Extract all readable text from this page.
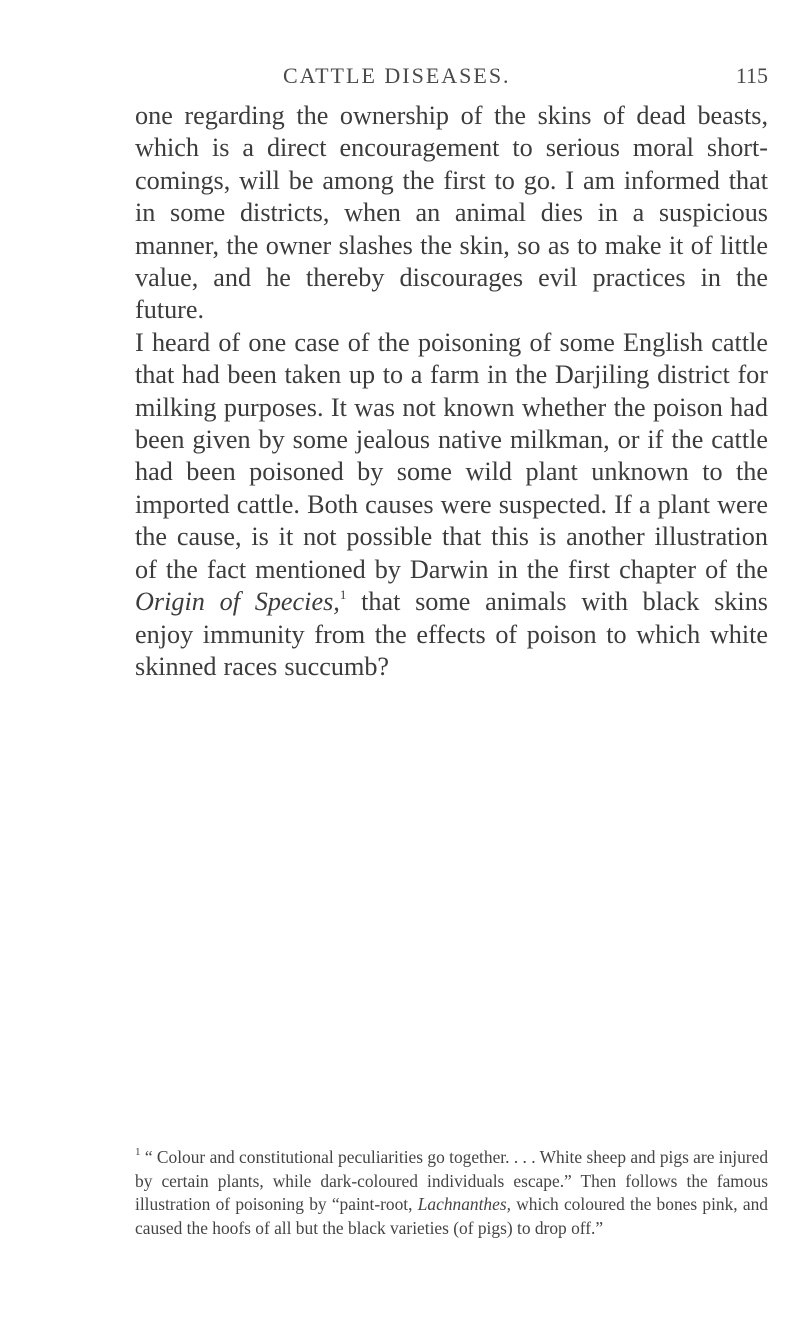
CATTLE DISEASES.	115

one regarding the ownership of the skins of dead beasts, which is a direct encouragement to serious moral short-comings, will be among the first to go. I am informed that in some districts, when an animal dies in a suspicious manner, the owner slashes the skin, so as to make it of little value, and he thereby discourages evil practices in the future.

I heard of one case of the poisoning of some English cattle that had been taken up to a farm in the Darjiling district for milking purposes. It was not known whether the poison had been given by some jealous native milkman, or if the cattle had been poisoned by some wild plant unknown to the imported cattle. Both causes were suspected. If a plant were the cause, is it not possible that this is another illustration of the fact mentioned by Darwin in the first chapter of the Origin of Species,$^1$ that some animals with black skins enjoy immunity from the effects of poison to which white skinned races succumb?

$^1$ “ Colour and constitutional peculiarities go together. . . . White sheep and pigs are injured by certain plants, while dark-coloured individuals escape.” Then follows the famous illustration of poisoning by “paint-root, Lachnanthes, which coloured the bones pink, and caused the hoofs of all but the black varieties (of pigs) to drop off.”
